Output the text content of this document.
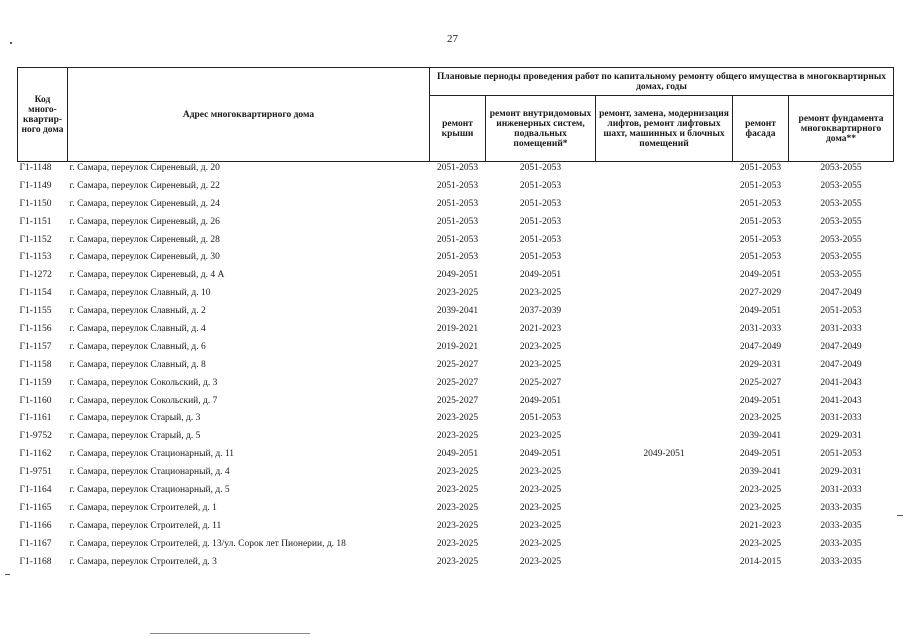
27
Код много-квартир-ного дома	Адрес многоквартирного дома	Плановые периоды проведения работ по капитальному ремонту общего имущества в многоквартирных домах, годы				
		ремонт крыши	ремонт внутридомовых инженерных систем, подвальных помещений*	ремонт, замена, модернизация лифтов, ремонт лифтовых шахт, машинных и блочных помещений	ремонт фасада	ремонт фундамента многоквартирного дома**
Г1-1148	г. Самара, переулок Сиреневый, д. 20	2051-2053	2051-2053		2051-2053	2053-2055
Г1-1149	г. Самара, переулок Сиреневый, д. 22	2051-2053	2051-2053		2051-2053	2053-2055
Г1-1150	г. Самара, переулок Сиреневый, д. 24	2051-2053	2051-2053		2051-2053	2053-2055
Г1-1151	г. Самара, переулок Сиреневый, д. 26	2051-2053	2051-2053		2051-2053	2053-2055
Г1-1152	г. Самара, переулок Сиреневый, д. 28	2051-2053	2051-2053		2051-2053	2053-2055
Г1-1153	г. Самара, переулок Сиреневый, д. 30	2051-2053	2051-2053		2051-2053	2053-2055
Г1-1272	г. Самара, переулок Сиреневый, д. 4 А	2049-2051	2049-2051		2049-2051	2053-2055
Г1-1154	г. Самара, переулок Славный, д. 10	2023-2025	2023-2025		2027-2029	2047-2049
Г1-1155	г. Самара, переулок Славный, д. 2	2039-2041	2037-2039		2049-2051	2051-2053
Г1-1156	г. Самара, переулок Славный, д. 4	2019-2021	2021-2023		2031-2033	2031-2033
Г1-1157	г. Самара, переулок Славный, д. 6	2019-2021	2023-2025		2047-2049	2047-2049
Г1-1158	г. Самара, переулок Славный, д. 8	2025-2027	2023-2025		2029-2031	2047-2049
Г1-1159	г. Самара, переулок Сокольский, д. 3	2025-2027	2025-2027		2025-2027	2041-2043
Г1-1160	г. Самара, переулок Сокольский, д. 7	2025-2027	2049-2051		2049-2051	2041-2043
Г1-1161	г. Самара, переулок Старый, д. 3	2023-2025	2051-2053		2023-2025	2031-2033
Г1-9752	г. Самара, переулок Старый, д. 5	2023-2025	2023-2025		2039-2041	2029-2031
Г1-1162	г. Самара, переулок Стационарный, д. 11	2049-2051	2049-2051	2049-2051	2049-2051	2051-2053
Г1-9751	г. Самара, переулок Стационарный, д. 4	2023-2025	2023-2025		2039-2041	2029-2031
Г1-1164	г. Самара, переулок Стационарный, д. 5	2023-2025	2023-2025		2023-2025	2031-2033
Г1-1165	г. Самара, переулок Строителей, д. 1	2023-2025	2023-2025		2023-2025	2033-2035
Г1-1166	г. Самара, переулок Строителей, д. 11	2023-2025	2023-2025		2021-2023	2033-2035
Г1-1167	г. Самара, переулок Строителей, д. 13/ул. Сорок лет Пионерии, д. 18	2023-2025	2023-2025		2023-2025	2033-2035
Г1-1168	г. Самара, переулок Строителей, д. 3	2023-2025	2023-2025		2014-2015	2033-2035
